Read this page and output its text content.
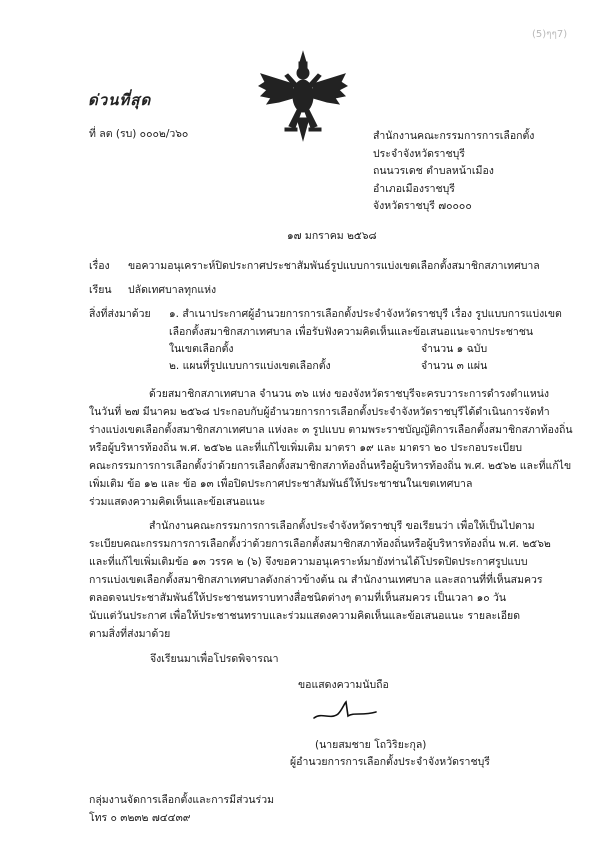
(5)ๆๆ7)
ด่วนที่สุด
ที่ ลต (รบ) ๐๐๐๒/ว๖๐	สำนักงานคณะกรรมการการเลือกตั้ง
ประจำจังหวัดราชบุรี
ถนนวรเดช ตำบลหน้าเมือง
อำเภอเมืองราชบุรี
จังหวัดราชบุรี ๗๐๐๐๐
๑๗ มกราคม ๒๕๖๘
เรื่อง ขอความอนุเคราะห์ปิดประกาศประชาสัมพันธ์รูปแบบการแบ่งเขตเลือกตั้งสมาชิกสภาเทศบาล
เรียน ปลัดเทศบาลทุกแห่ง
สิ่งที่ส่งมาด้วย ๑. สำเนาประกาศผู้อำนวยการการเลือกตั้งประจำจังหวัดราชบุรี เรื่อง รูปแบบการแบ่งเขต
เลือกตั้งสมาชิกสภาเทศบาล เพื่อรับฟังความคิดเห็นและข้อเสนอแนะจากประชาชน
ในเขตเลือกตั้ง	จำนวน ๑ ฉบับ
๒. แผนที่รูปแบบการแบ่งเขตเลือกตั้ง	จำนวน ๓ แผ่น
ด้วยสมาชิกสภาเทศบาล จำนวน ๓๖ แห่ง ของจังหวัดราชบุรีจะครบวาระการดำรงตำแหน่ง
ในวันที่ ๒๗ มีนาคม ๒๕๖๘ ประกอบกับผู้อำนวยการการเลือกตั้งประจำจังหวัดราชบุรีได้ดำเนินการจัดทำ
ร่างแบ่งเขตเลือกตั้งสมาชิกสภาเทศบาล แห่งละ ๓ รูปแบบ ตามพระราชบัญญัติการเลือกตั้งสมาชิกสภาท้องถิ่น
หรือผู้บริหารท้องถิ่น พ.ศ. ๒๕๖๒ และที่แก้ไขเพิ่มเติม มาตรา ๑๙ และ มาตรา ๒๐ ประกอบระเบียบ
คณะกรรมการการเลือกตั้งว่าด้วยการเลือกตั้งสมาชิกสภาท้องถิ่นหรือผู้บริหารท้องถิ่น พ.ศ. ๒๕๖๒ และที่แก้ไข
เพิ่มเติม ข้อ ๑๒ และ ข้อ ๑๓ เพื่อปิดประกาศประชาสัมพันธ์ให้ประชาชนในเขตเทศบาล
ร่วมแสดงความคิดเห็นและข้อเสนอแนะ
สำนักงานคณะกรรมการการเลือกตั้งประจำจังหวัดราชบุรี ขอเรียนว่า เพื่อให้เป็นไปตาม
ระเบียบคณะกรรมการการเลือกตั้งว่าด้วยการเลือกตั้งสมาชิกสภาท้องถิ่นหรือผู้บริหารท้องถิ่น พ.ศ. ๒๕๖๒
และที่แก้ไขเพิ่มเติมข้อ ๑๓ วรรค ๒ (๖) จึงขอความอนุเคราะห์มายังท่านได้โปรดปิดประกาศรูปแบบ
การแบ่งเขตเลือกตั้งสมาชิกสภาเทศบาลดังกล่าวข้างต้น ณ สำนักงานเทศบาล และสถานที่ที่เห็นสมควร
ตลอดจนประชาสัมพันธ์ให้ประชาชนทราบทางสื่อชนิดต่างๆ ตามที่เห็นสมควร เป็นเวลา ๑๐ วัน
นับแต่วันประกาศ เพื่อให้ประชาชนทราบและร่วมแสดงความคิดเห็นและข้อเสนอแนะ รายละเอียด
ตามสิ่งที่ส่งมาด้วย
จึงเรียนมาเพื่อโปรดพิจารณา
ขอแสดงความนับถือ
(นายสมชาย โถวิริยะกุล)
ผู้อำนวยการการเลือกตั้งประจำจังหวัดราชบุรี
กลุ่มงานจัดการเลือกตั้งและการมีส่วนร่วม
โทร ๐ ๓๒๓๒ ๗๔๔๓๙
